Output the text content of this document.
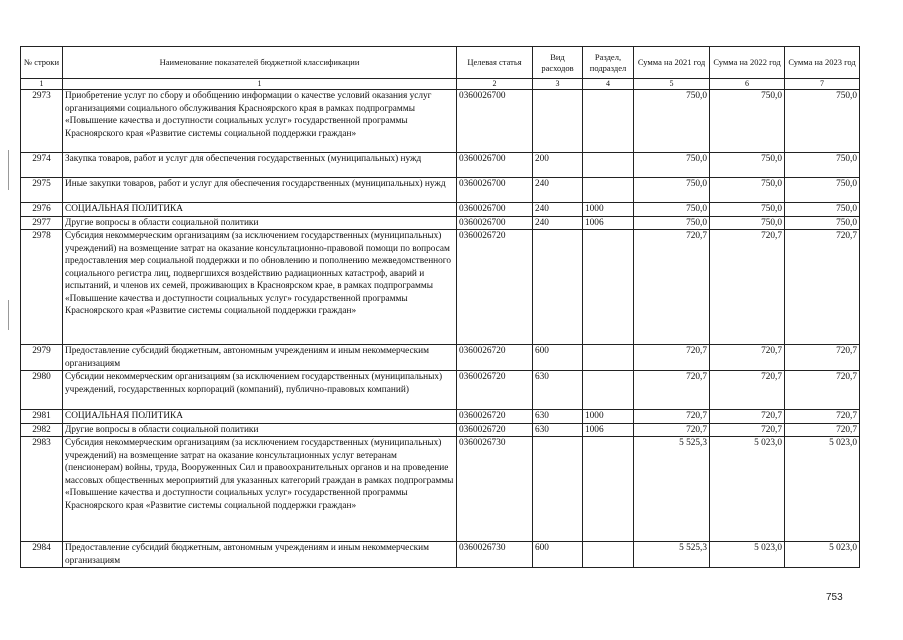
№ строки	Наименование показателей бюджетной классификации	Целевая статья	Вид расходов	Раздел, подраздел	Сумма на 2021 год	Сумма на 2022 год	Сумма на 2023 год
1	1	2	3	4	5	6	7
2973	Приобретение услуг по сбору и обобщению информации о качестве условий оказания услуг организациями социального обслуживания Красноярского края в рамках подпрограммы «Повышение качества и доступности социальных услуг» государственной программы Красноярского края «Развитие системы социальной поддержки граждан»	0360026700			750,0	750,0	750,0
2974	Закупка товаров, работ и услуг для обеспечения государственных (муниципальных) нужд	0360026700	200		750,0	750,0	750,0
2975	Иные закупки товаров, работ и услуг для обеспечения государственных (муниципальных) нужд	0360026700	240		750,0	750,0	750,0
2976	СОЦИАЛЬНАЯ ПОЛИТИКА	0360026700	240	1000	750,0	750,0	750,0
2977	Другие вопросы в области социальной политики	0360026700	240	1006	750,0	750,0	750,0
2978	Субсидия некоммерческим организациям (за исключением государственных (муниципальных) учреждений) на возмещение затрат на оказание консультационно-правовой помощи по вопросам предоставления мер социальной поддержки и по обновлению и пополнению межведомственного социального регистра лиц, подвергшихся воздействию радиационных катастроф, аварий и испытаний, и членов их семей, проживающих в Красноярском крае, в рамках подпрограммы «Повышение качества и доступности социальных услуг» государственной программы Красноярского края «Развитие системы социальной поддержки граждан»	0360026720			720,7	720,7	720,7
2979	Предоставление субсидий бюджетным, автономным учреждениям и иным некоммерческим организациям	0360026720	600		720,7	720,7	720,7
2980	Субсидии некоммерческим организациям (за исключением государственных (муниципальных) учреждений, государственных корпораций (компаний), публично-правовых компаний)	0360026720	630		720,7	720,7	720,7
2981	СОЦИАЛЬНАЯ ПОЛИТИКА	0360026720	630	1000	720,7	720,7	720,7
2982	Другие вопросы в области социальной политики	0360026720	630	1006	720,7	720,7	720,7
2983	Субсидия некоммерческим организациям (за исключением государственных (муниципальных) учреждений) на возмещение затрат на оказание консультационных услуг ветеранам (пенсионерам) войны, труда, Вооруженных Сил и правоохранительных органов и на проведение массовых общественных мероприятий для указанных категорий граждан в рамках подпрограммы «Повышение качества и доступности социальных услуг» государственной программы Красноярского края «Развитие системы социальной поддержки граждан»	0360026730			5 525,3	5 023,0	5 023,0
2984	Предоставление субсидий бюджетным, автономным учреждениям и иным некоммерческим организациям	0360026730	600		5 525,3	5 023,0	5 023,0
753
